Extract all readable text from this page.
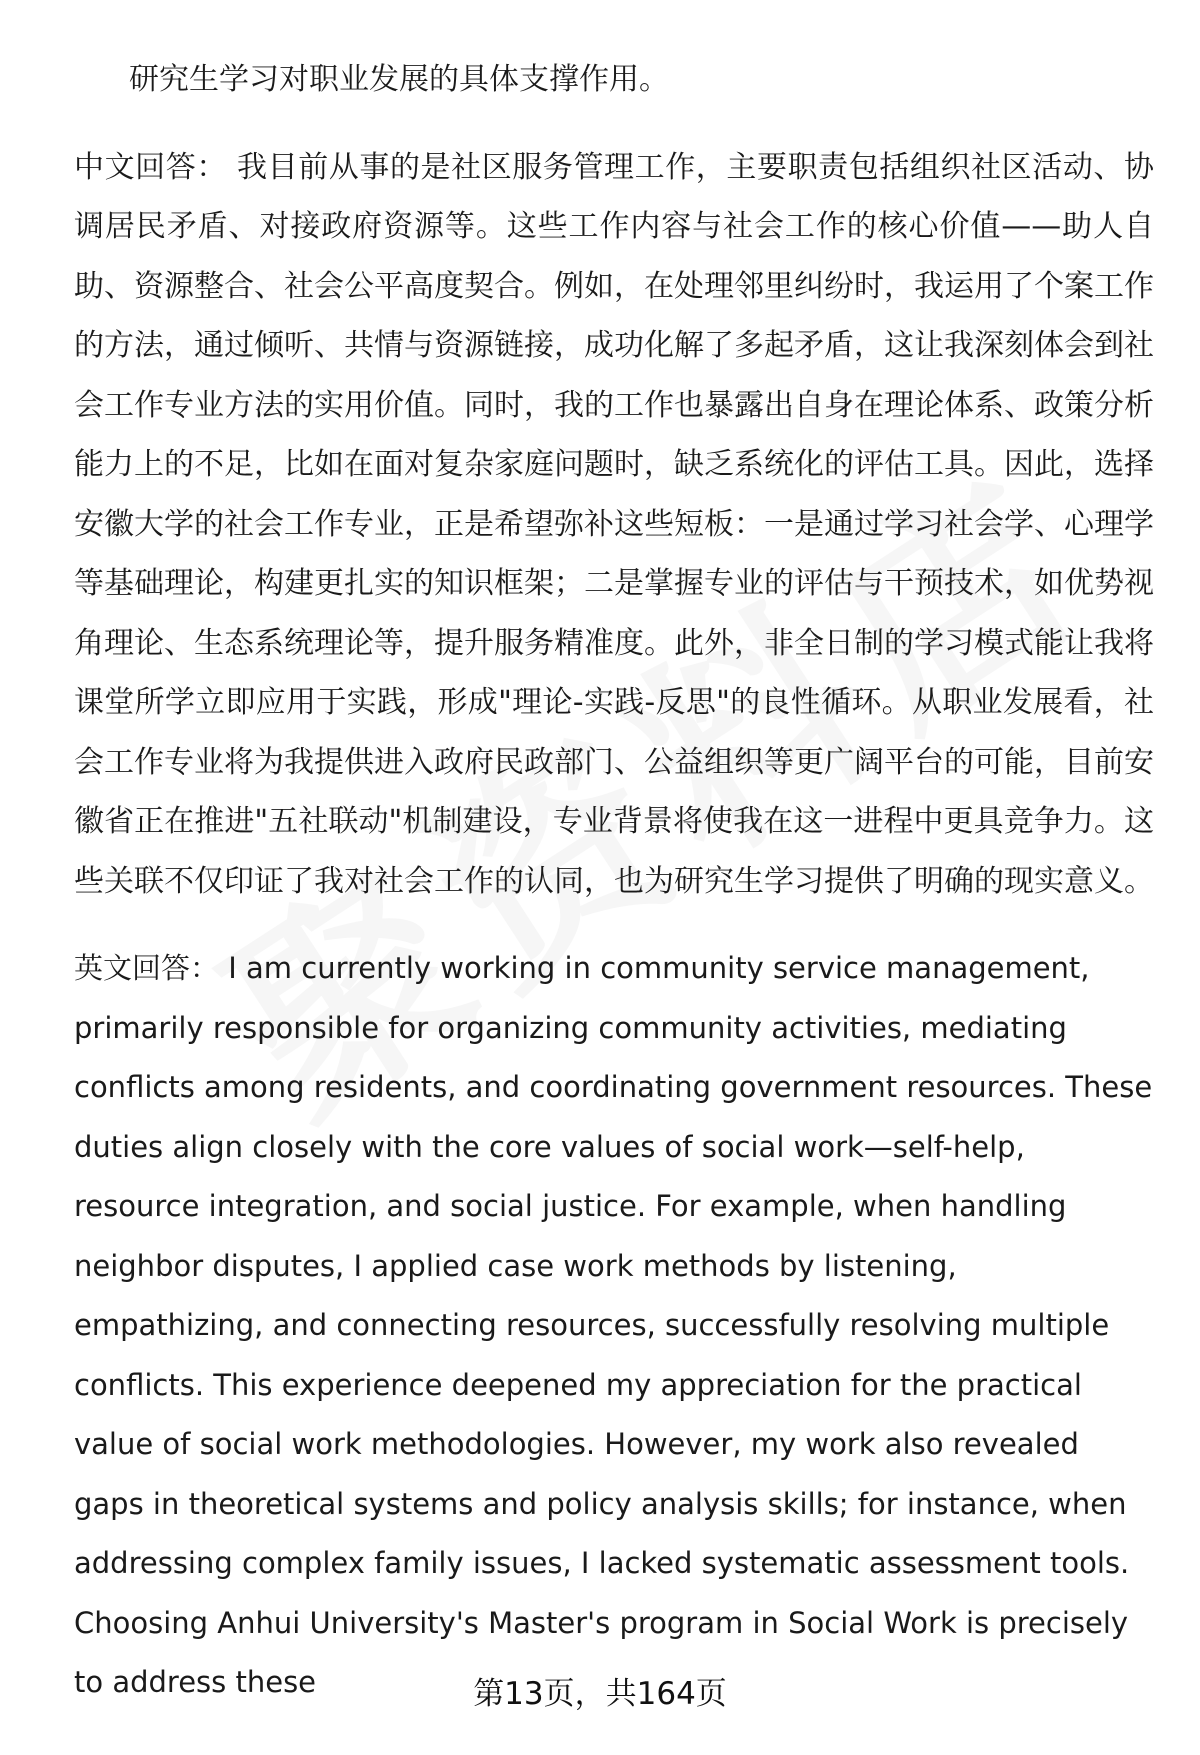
研究生学习对职业发展的具体支撑作用。

中文回答： 我目前从事的是社区服务管理工作，主要职责包括组织社区活动、协调居民矛盾、对接政府资源等。这些工作内容与社会工作的核心价值——助人自助、资源整合、社会公平高度契合。例如，在处理邻里纠纷时，我运用了个案工作的方法，通过倾听、共情与资源链接，成功化解了多起矛盾，这让我深刻体会到社会工作专业方法的实用价值。同时，我的工作也暴露出自身在理论体系、政策分析能力上的不足，比如在面对复杂家庭问题时，缺乏系统化的评估工具。因此，选择安徽大学的社会工作专业，正是希望弥补这些短板：一是通过学习社会学、心理学等基础理论，构建更扎实的知识框架；二是掌握专业的评估与干预技术，如优势视角理论、生态系统理论等，提升服务精准度。此外，非全日制的学习模式能让我将课堂所学立即应用于实践，形成"理论-实践-反思"的良性循环。从职业发展看，社会工作专业将为我提供进入政府民政部门、公益组织等更广阔平台的可能，目前安徽省正在推进"五社联动"机制建设，专业背景将使我在这一进程中更具竞争力。这些关联不仅印证了我对社会工作的认同，也为研究生学习提供了明确的现实意义。

英文回答： I am currently working in community service management, primarily responsible for organizing community activities, mediating conflicts among residents, and coordinating government resources. These duties align closely with the core values of social work—self-help, resource integration, and social justice. For example, when handling neighbor disputes, I applied case work methods by listening, empathizing, and connecting resources, successfully resolving multiple conflicts. This experience deepened my appreciation for the practical value of social work methodologies. However, my work also revealed gaps in theoretical systems and policy analysis skills; for instance, when addressing complex family issues, I lacked systematic assessment tools. Choosing Anhui University's Master's program in Social Work is precisely to address these	第13页，共164页
